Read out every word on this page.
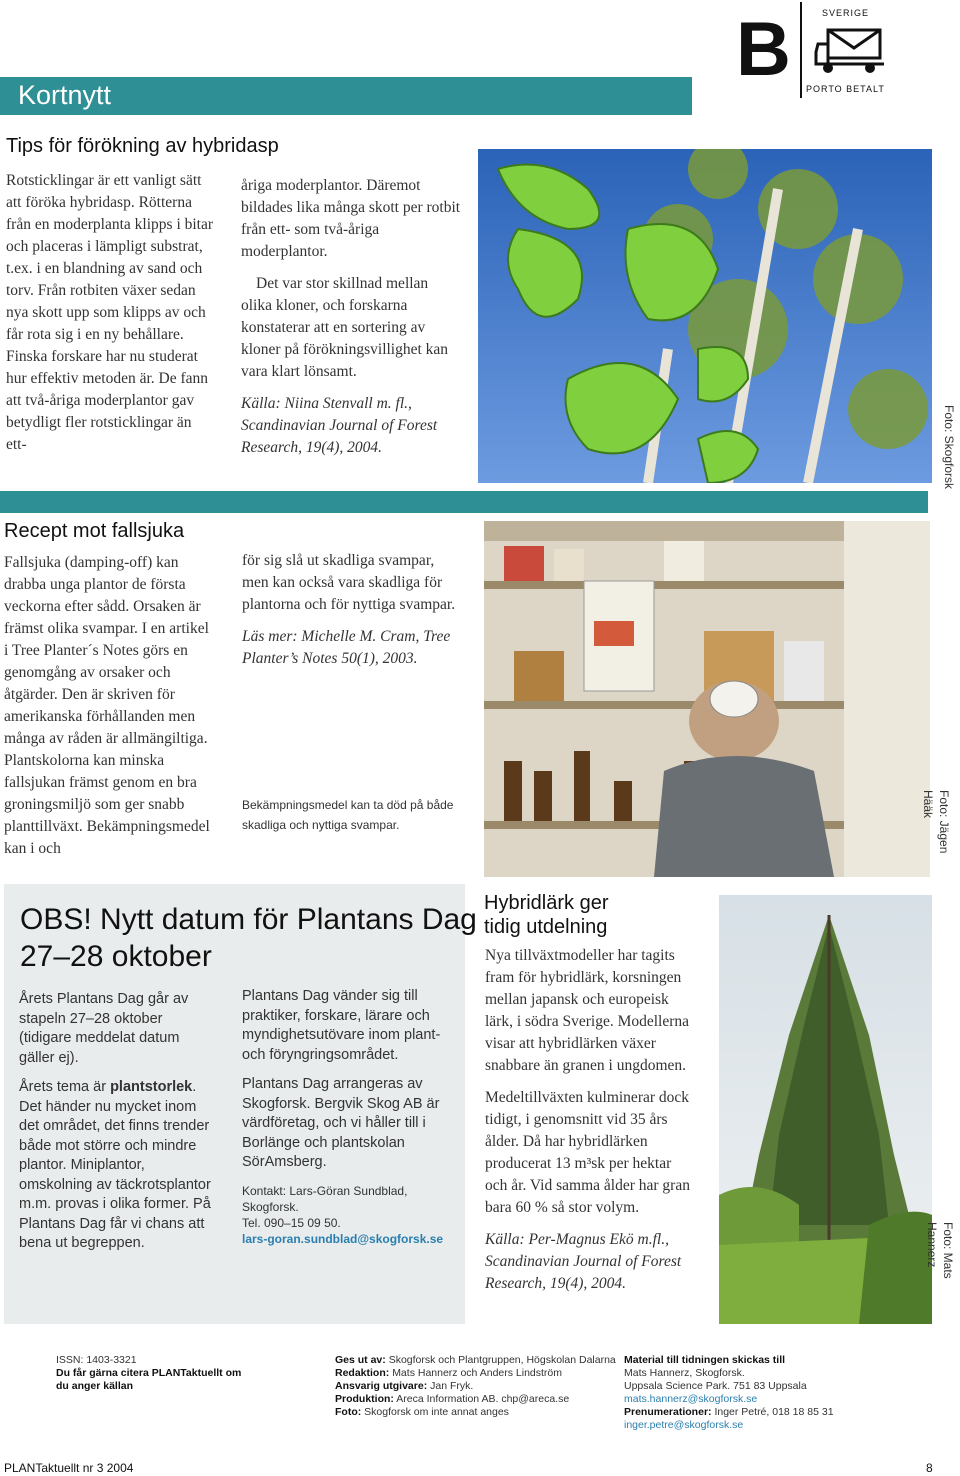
B	SVERIGE
PORTO BETALT
Kortnytt
Tips för förökning av hybridasp
Rotsticklingar är ett vanligt sätt att föröka hybridasp. Rötterna från en moderplanta klipps i bitar och placeras i lämpligt substrat, t.ex. i en blandning av sand och torv. Från rotbiten växer sedan nya skott upp som klipps av och får rota sig i en ny behållare. Finska forskare har nu studerat hur effektiv metoden är. De fann att två-åriga moderplantor gav betydligt fler rotsticklingar än ett-

åriga moderplantor. Däremot bildades lika många skott per rotbit från ett- som två-åriga moderplantor.

Det var stor skillnad mellan olika kloner, och forskarna konstaterar att en sortering av kloner på förökningsvillighet kan vara klart lönsamt.

Källa: Niina Stenvall m. fl., Scandinavian Journal of Forest Research, 19(4), 2004.	Foto: Skogforsk
Recept mot fallsjuka
Fallsjuka (damping-off) kan drabba unga plantor de första veckorna efter sådd. Orsaken är främst olika svampar. I en artikel i Tree Planter´s Notes görs en genomgång av orsaker och åtgärder. Den är skriven för amerikanska förhållanden men många av råden är allmängiltiga. Plantskolorna kan minska fallsjukan främst genom en bra groningsmiljö som ger snabb planttillväxt. Bekämpningsmedel kan i och

för sig slå ut skadliga svampar, men kan också vara skadliga för plantorna och för nyttiga svampar.

Läs mer: Michelle M. Cram, Tree Planter’s Notes 50(1), 2003.

Bekämpningsmedel kan ta död på både skadliga och nyttiga svampar.	Foto: Jägen Hääk
OBS! Nytt datum för Plantans Dag
27–28 oktober

Årets Plantans Dag går av stapeln 27–28 oktober (tidigare meddelat datum gäller ej).

Årets tema är plantstorlek. Det händer nu mycket inom det området, det finns trender både mot större och mindre plantor. Miniplantor, omskolning av täckrotsplantor m.m. provas i olika former. På Plantans Dag får vi chans att bena ut begreppen.

Plantans Dag vänder sig till praktiker, forskare, lärare och myndighetsutövare inom plant- och föryngringsområdet.

Plantans Dag arrangeras av Skogforsk. Bergvik Skog AB är värdföretag, och vi håller till i Borlänge och plantskolan SörAmsberg.

Kontakt: Lars-Göran Sundblad, Skogforsk.
Tel. 090–15 09 50.
lars-goran.sundblad@skogforsk.se
Hybridlärk ger
tidig utdelning

Nya tillväxtmodeller har tagits fram för hybridlärk, korsningen mellan japansk och europeisk lärk, i södra Sverige. Modellerna visar att hybridlärken växer snabbare än granen i ungdomen.

Medeltillväxten kulminerar dock tidigt, i genomsnitt vid 35 års ålder. Då har hybridlärken producerat 13 m³sk per hektar och år. Vid samma ålder har gran bara 60 % så stor volym.

Källa: Per-Magnus Ekö m.fl., Scandinavian Journal of Forest Research, 19(4), 2004.

Foto: Mats Hannerz
ISSN: 1403-3321
Du får gärna citera PLANTaktuellt om du anger källan
Ges ut av: Skogforsk och Plantgruppen, Högskolan Dalarna
Redaktion: Mats Hannerz och Anders Lindström
Ansvarig utgivare: Jan Fryk.
Produktion: Areca Information AB. chp@areca.se
Foto: Skogforsk om inte annat anges
Material till tidningen skickas till
Mats Hannerz, Skogforsk.
Uppsala Science Park. 751 83 Uppsala
mats.hannerz@skogforsk.se
Prenumerationer: Inger Petré, 018 18 85 31
inger.petre@skogforsk.se
PLANTaktuellt nr 3 2004	8
